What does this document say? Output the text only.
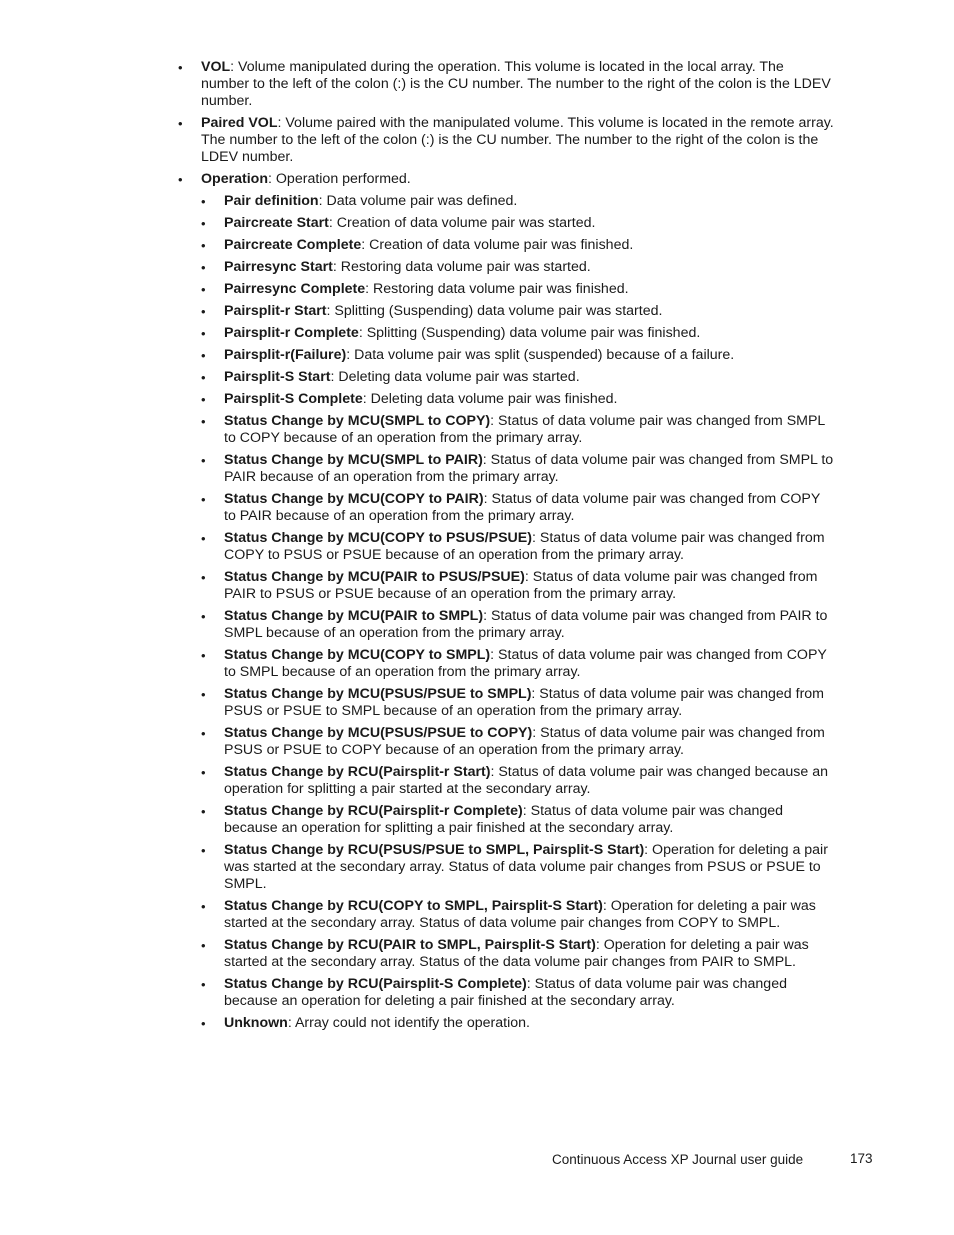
• VOL: Volume manipulated during the operation. This volume is located in the local array. The number to the left of the colon (:) is the CU number. The number to the right of the colon is the LDEV number.
• Paired VOL: Volume paired with the manipulated volume. This volume is located in the remote array. The number to the left of the colon (:) is the CU number. The number to the right of the colon is the LDEV number.
• Operation: Operation performed.
• Pair definition: Data volume pair was defined.
• Paircreate Start: Creation of data volume pair was started.
• Paircreate Complete: Creation of data volume pair was finished.
• Pairresync Start: Restoring data volume pair was started.
• Pairresync Complete: Restoring data volume pair was finished.
• Pairsplit-r Start: Splitting (Suspending) data volume pair was started.
• Pairsplit-r Complete: Splitting (Suspending) data volume pair was finished.
• Pairsplit-r(Failure): Data volume pair was split (suspended) because of a failure.
• Pairsplit-S Start: Deleting data volume pair was started.
• Pairsplit-S Complete: Deleting data volume pair was finished.
• Status Change by MCU(SMPL to COPY): Status of data volume pair was changed from SMPL to COPY because of an operation from the primary array.
• Status Change by MCU(SMPL to PAIR): Status of data volume pair was changed from SMPL to PAIR because of an operation from the primary array.
• Status Change by MCU(COPY to PAIR): Status of data volume pair was changed from COPY to PAIR because of an operation from the primary array.
• Status Change by MCU(COPY to PSUS/PSUE): Status of data volume pair was changed from COPY to PSUS or PSUE because of an operation from the primary array.
• Status Change by MCU(PAIR to PSUS/PSUE): Status of data volume pair was changed from PAIR to PSUS or PSUE because of an operation from the primary array.
• Status Change by MCU(PAIR to SMPL): Status of data volume pair was changed from PAIR to SMPL because of an operation from the primary array.
• Status Change by MCU(COPY to SMPL): Status of data volume pair was changed from COPY to SMPL because of an operation from the primary array.
• Status Change by MCU(PSUS/PSUE to SMPL): Status of data volume pair was changed from PSUS or PSUE to SMPL because of an operation from the primary array.
• Status Change by MCU(PSUS/PSUE to COPY): Status of data volume pair was changed from PSUS or PSUE to COPY because of an operation from the primary array.
• Status Change by RCU(Pairsplit-r Start): Status of data volume pair was changed because an operation for splitting a pair started at the secondary array.
• Status Change by RCU(Pairsplit-r Complete): Status of data volume pair was changed because an operation for splitting a pair finished at the secondary array.
• Status Change by RCU(PSUS/PSUE to SMPL, Pairsplit-S Start): Operation for deleting a pair was started at the secondary array. Status of data volume pair changes from PSUS or PSUE to SMPL.
• Status Change by RCU(COPY to SMPL, Pairsplit-S Start): Operation for deleting a pair was started at the secondary array. Status of data volume pair changes from COPY to SMPL.
• Status Change by RCU(PAIR to SMPL, Pairsplit-S Start): Operation for deleting a pair was started at the secondary array. Status of the data volume pair changes from PAIR to SMPL.
• Status Change by RCU(Pairsplit-S Complete): Status of data volume pair was changed because an operation for deleting a pair finished at the secondary array.
• Unknown: Array could not identify the operation.
Continuous Access XP Journal user guide	173
